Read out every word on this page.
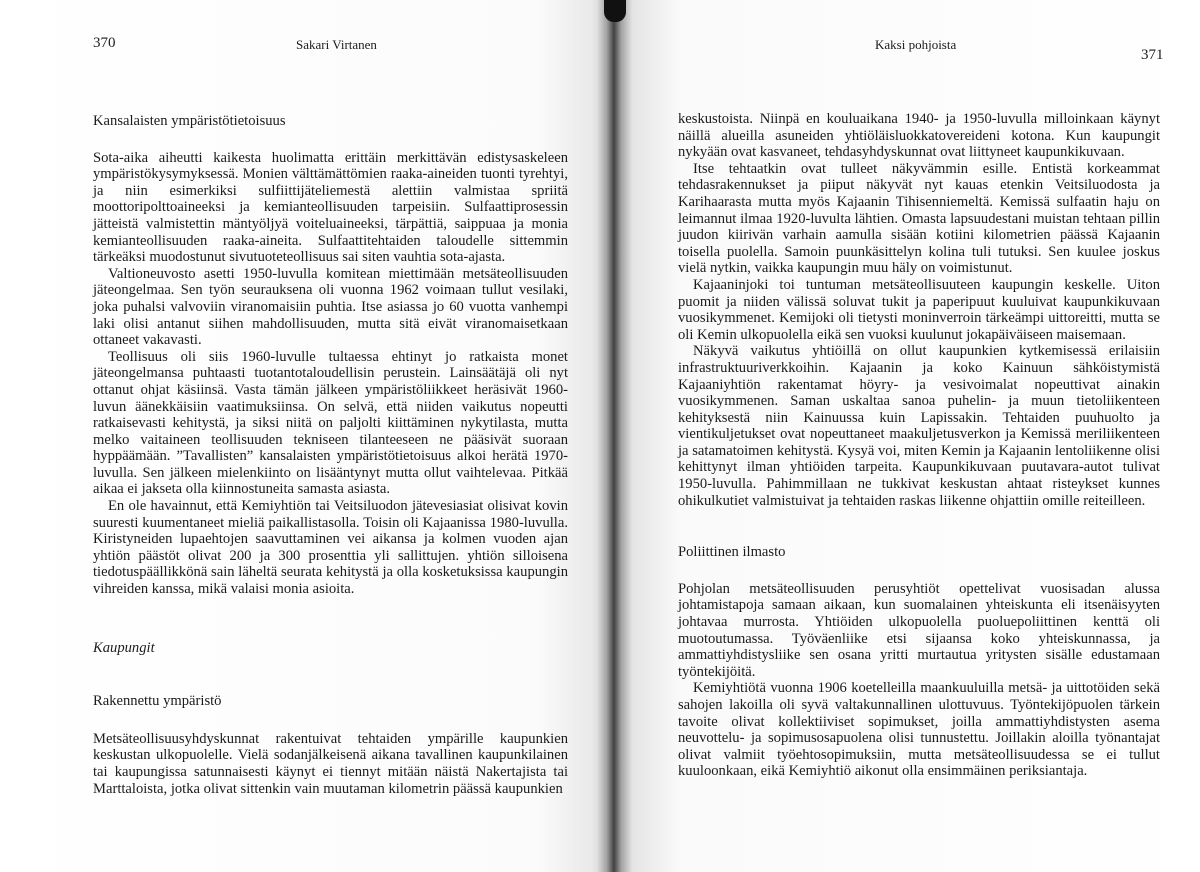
370	Sakari Virtanen
Kansalaisten ympäristötietoisuus

Sota-aika aiheutti kaikesta huolimatta erittäin merkittävän edistysaskeleen ympäristökysymyksessä. Monien välttämättömien raaka-aineiden tuonti tyrehtyi, ja niin esimerkiksi sulfiittijäteliemestä alettiin valmistaa spriitä moottoripolttoaineeksi ja kemianteollisuuden tarpeisiin. Sulfaattiprosessin jätteistä valmistettin mäntyöljyä voiteluaineeksi, tärpättiä, saippuaa ja monia kemianteollisuuden raaka-aineita. Sulfaattitehtaiden taloudelle sittemmin tärkeäksi muodostunut sivutuoteteollisuus sai siten vauhtia sota-ajasta.

Valtioneuvosto asetti 1950-luvulla komitean miettimään metsäteollisuuden jäteongelmaa. Sen työn seurauksena oli vuonna 1962 voimaan tullut vesilaki, joka puhalsi valvoviin viranomaisiin puhtia. Itse asiassa jo 60 vuotta vanhempi laki olisi antanut siihen mahdollisuuden, mutta sitä eivät viranomaisetkaan ottaneet vakavasti.

Teollisuus oli siis 1960-luvulle tultaessa ehtinyt jo ratkaista monet jäteongelmansa puhtaasti tuotantotaloudellisin perustein. Lainsäätäjä oli nyt ottanut ohjat käsiinsä. Vasta tämän jälkeen ympäristöliikkeet heräsivät 1960-luvun äänekkäisiin vaatimuksiinsa. On selvä, että niiden vaikutus nopeutti ratkaisevasti kehitystä, ja siksi niitä on paljolti kiittäminen nykytilasta, mutta melko vaitaineen teollisuuden tekniseen tilanteeseen ne pääsivät suoraan hyppäämään. ”Tavallisten” kansalaisten ympäristötietoisuus alkoi herätä 1970-luvulla. Sen jälkeen mielenkiinto on lisääntynyt mutta ollut vaihtelevaa. Pitkää aikaa ei jakseta olla kiinnostuneita samasta asiasta.

En ole havainnut, että Kemiyhtiön tai Veitsiluodon jätevesiasiat olisivat kovin suuresti kuumentaneet mieliä paikallistasolla. Toisin oli Kajaanissa 1980-luvulla. Kiristyneiden lupaehtojen saavuttaminen vei aikansa ja kolmen vuoden ajan yhtiön päästöt olivat 200 ja 300 prosenttia yli sallittujen. yhtiön silloisena tiedotuspäällikkönä sain läheltä seurata kehitystä ja olla kosketuksissa kaupungin vihreiden kanssa, mikä valaisi monia asioita.

Kaupungit
Rakennettu ympäristö

Metsäteollisuusyhdyskunnat rakentuivat tehtaiden ympärille kaupunkien keskustan ulkopuolelle. Vielä sodanjälkeisenä aikana tavallinen kaupunkilainen tai kaupungissa satunnaisesti käynyt ei tiennyt mitään näistä Nakertajista tai Marttaloista, jotka olivat sittenkin vain muutaman kilometrin päässä kaupunkien

Kaksi pohjoista
371

keskustoista. Niinpä en kouluaikana 1940- ja 1950-luvulla milloinkaan käynyt näillä alueilla asuneiden yhtiöläisluokkatovereideni kotona. Kun kaupungit nykyään ovat kasvaneet, tehdasyhdyskunnat ovat liittyneet kaupunkikuvaan.

Itse tehtaatkin ovat tulleet näkyvämmin esille. Entistä korkeammat tehdasrakennukset ja piiput näkyvät nyt kauas etenkin Veitsiluodosta ja Karihaarasta mutta myös Kajaanin Tihisenniemeltä. Kemissä sulfaatin haju on leimannut ilmaa 1920-luvulta lähtien. Omasta lapsuudestani muistan tehtaan pillin juudon kiirivän varhain aamulla sisään kotiini kilometrien päässä Kajaanin toisella puolella. Samoin puunkäsittelyn kolina tuli tutuksi. Sen kuulee joskus vielä nytkin, vaikka kaupungin muu häly on voimistunut.

Kajaaninjoki toi tuntuman metsäteollisuuteen kaupungin keskelle. Uiton puomit ja niiden välissä soluvat tukit ja paperipuut kuuluivat kaupunkikuvaan vuosikymmenet. Kemijoki oli tietysti moninverroin tärkeämpi uittoreitti, mutta se oli Kemin ulkopuolella eikä sen vuoksi kuulunut jokapäiväiseen maisemaan.

Näkyvä vaikutus yhtiöillä on ollut kaupunkien kytkemisessä erilaisiin infrastruktuuriverkkoihin. Kajaanin ja koko Kainuun sähköistymistä Kajaaniyhtiön rakentamat höyry- ja vesivoimalat nopeuttivat ainakin vuosikymmenen. Saman uskaltaa sanoa puhelin- ja muun tietoliikenteen kehityksestä niin Kainuussa kuin Lapissakin. Tehtaiden puuhuolto ja vientikuljetukset ovat nopeuttaneet maakuljetusverkon ja Kemissä meriliikenteen ja satamatoimen kehitystä. Kysyä voi, miten Kemin ja Kajaanin lentoliikenne olisi kehittynyt ilman yhtiöiden tarpeita. Kaupunkikuvaan puutavara-autot tulivat 1950-luvulla. Pahimmillaan ne tukkivat keskustan ahtaat risteykset kunnes ohikulkutiet valmistuivat ja tehtaiden raskas liikenne ohjattiin omille reiteilleen.

Poliittinen ilmasto

Pohjolan metsäteollisuuden perusyhtiöt opettelivat vuosisadan alussa johtamistapoja samaan aikaan, kun suomalainen yhteiskunta eli itsenäisyyten johtavaa murrosta. Yhtiöiden ulkopuolella puoluepoliittinen kenttä oli muotoutumassa. Työväenliike etsi sijaansa koko yhteiskunnassa, ja ammattiyhdistysliike sen osana yritti murtautua yritysten sisälle edustamaan työntekijöitä.

Kemiyhtiötä vuonna 1906 koetelleilla maankuuluilla metsä- ja uittotöiden sekä sahojen lakoilla oli syvä valtakunnallinen ulottuvuus. Työntekijöpuolen tärkein tavoite olivat kollektiiviset sopimukset, joilla ammattiyhdistysten asema neuvottelu- ja sopimusosapuolena olisi tunnustettu. Joillakin aloilla työnantajat olivat valmiit työehtosopimuksiin, mutta metsäteollisuudessa se ei tullut kuuloonkaan, eikä Kemiyhtiö aikonut olla ensimmäinen periksiantaja.
